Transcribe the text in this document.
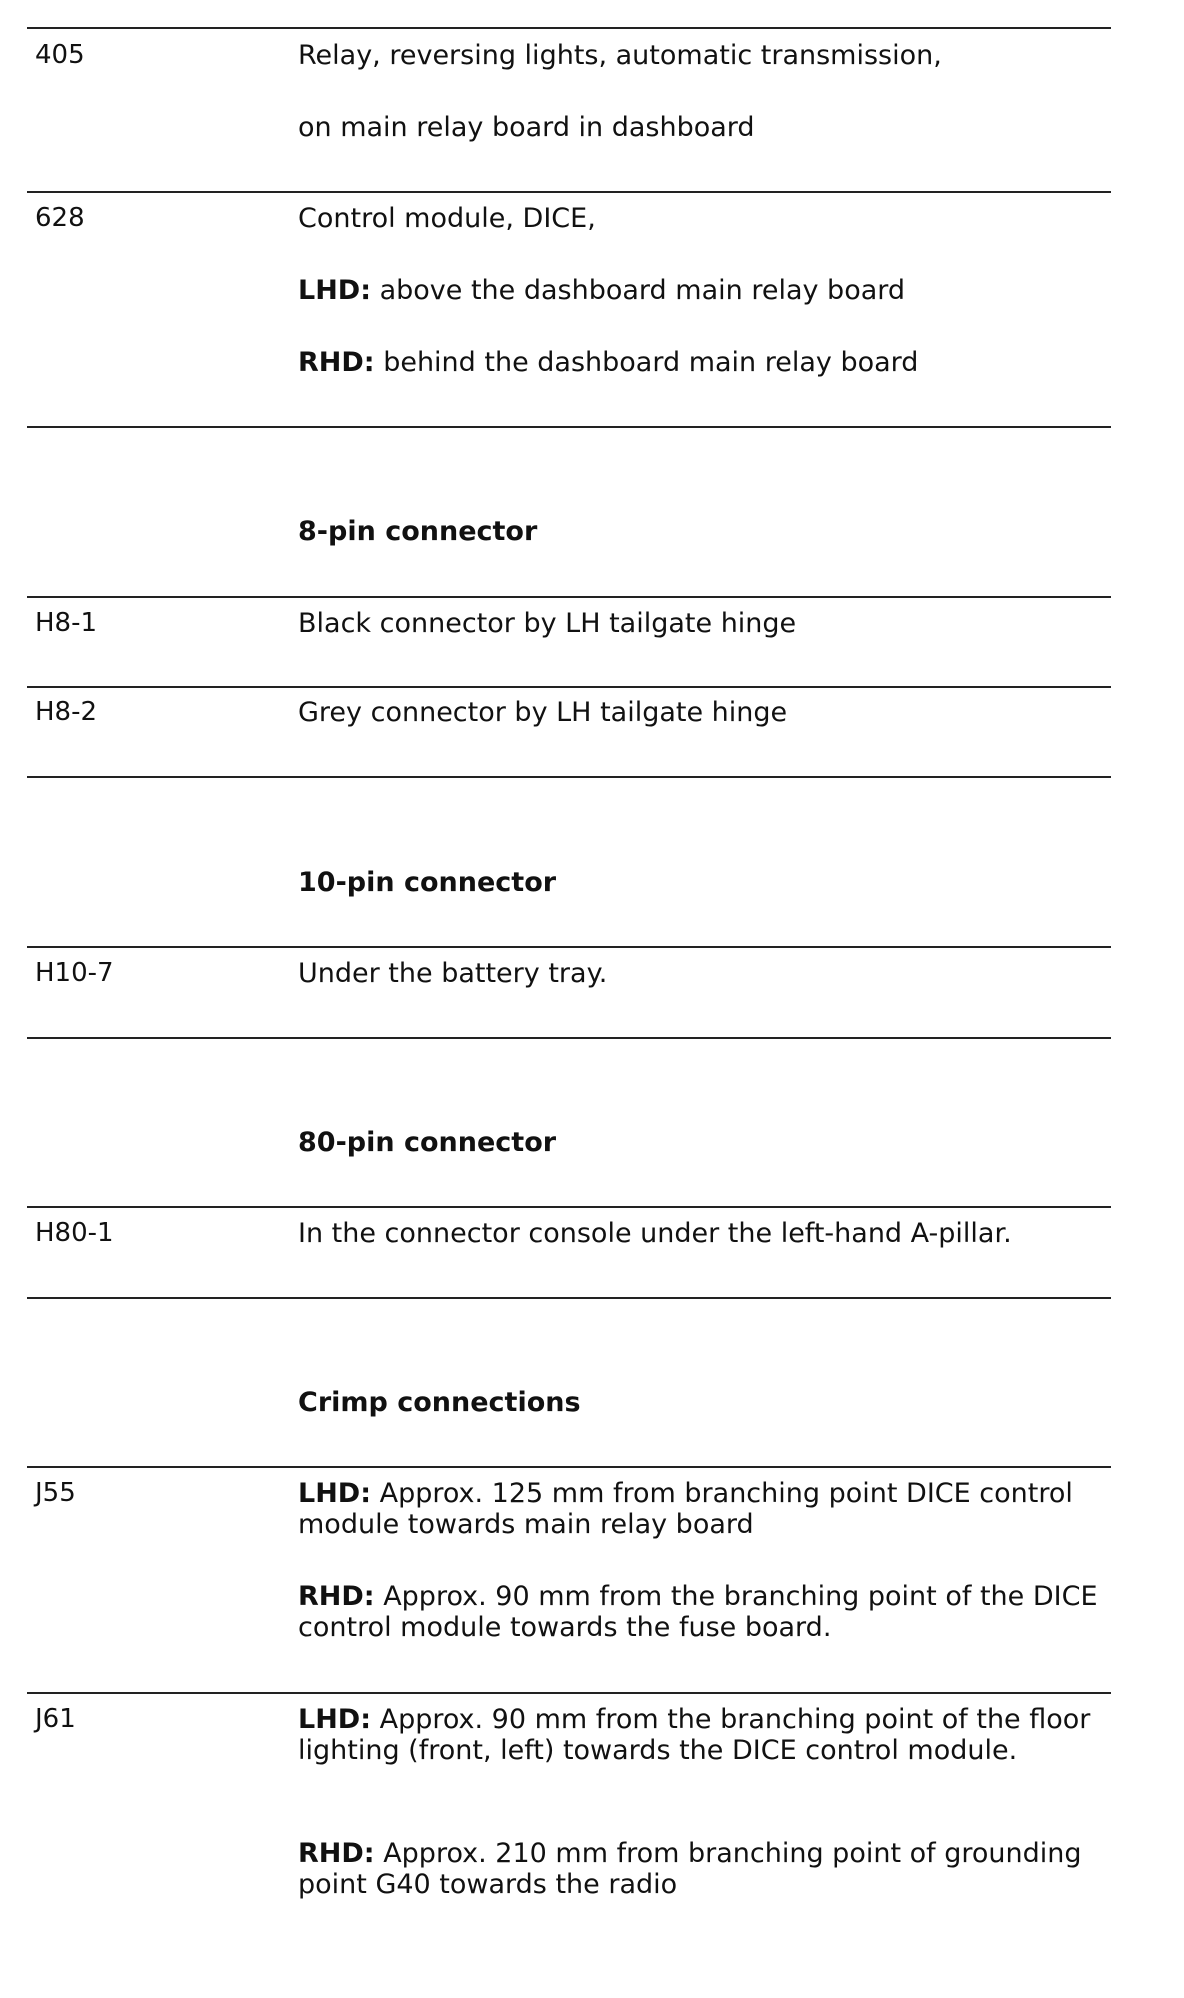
405	Relay, reversing lights, automatic transmission,
on main relay board in dashboard
628	Control module, DICE,
LHD: above the dashboard main relay board
RHD: behind the dashboard main relay board
8-pin connector
H8-1	Black connector by LH tailgate hinge
H8-2	Grey connector by LH tailgate hinge
10-pin connector
H10-7	Under the battery tray.
80-pin connector
H80-1	In the connector console under the left-hand A-pillar.
Crimp connections
J55	LHD: Approx. 125 mm from branching point DICE control module towards main relay board
RHD: Approx. 90 mm from the branching point of the DICE control module towards the fuse board.
J61	LHD: Approx. 90 mm from the branching point of the floor lighting (front, left) towards the DICE control module.
RHD: Approx. 210 mm from branching point of grounding point G40 towards the radio
